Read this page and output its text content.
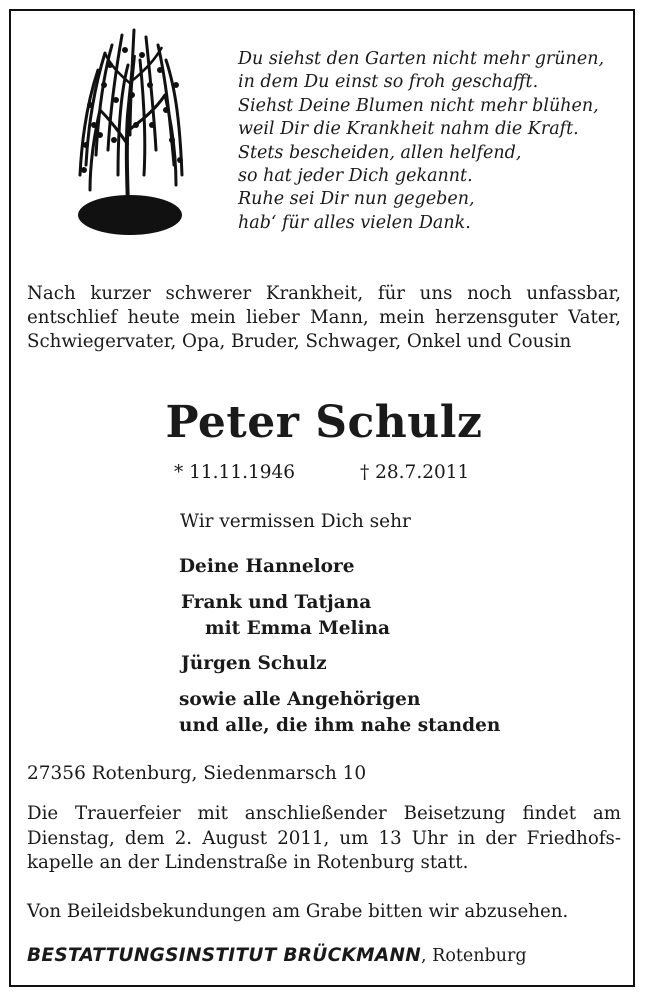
Du siehst den Garten nicht mehr grünen,
in dem Du einst so froh geschafft.
Siehst Deine Blumen nicht mehr blühen,
weil Dir die Krankheit nahm die Kraft.
Stets bescheiden, allen helfend,
so hat jeder Dich gekannt.
Ruhe sei Dir nun gegeben,
hab‘ für alles vielen Dank.
Nach kurzer schwerer Krankheit, für uns noch unfassbar, entschlief heute mein lieber Mann, mein herzensguter Vater, Schwiegervater, Opa, Bruder, Schwager, Onkel und Cousin
Peter Schulz
* 11.11.1946	† 28.7.2011
Wir vermissen Dich sehr
Deine Hannelore
Frank und Tatjana
mit Emma Melina
Jürgen Schulz
sowie alle Angehörigen
und alle, die ihm nahe standen
27356 Rotenburg, Siedenmarsch 10
Die Trauerfeier mit anschließender Beisetzung findet am
Dienstag, dem 2. August 2011, um 13 Uhr in der Friedhofs-
kapelle an der Lindenstraße in Rotenburg statt.
Von Beileidsbekundungen am Grabe bitten wir abzusehen.
BESTATTUNGSINSTITUT BRÜCKMANN, Rotenburg
